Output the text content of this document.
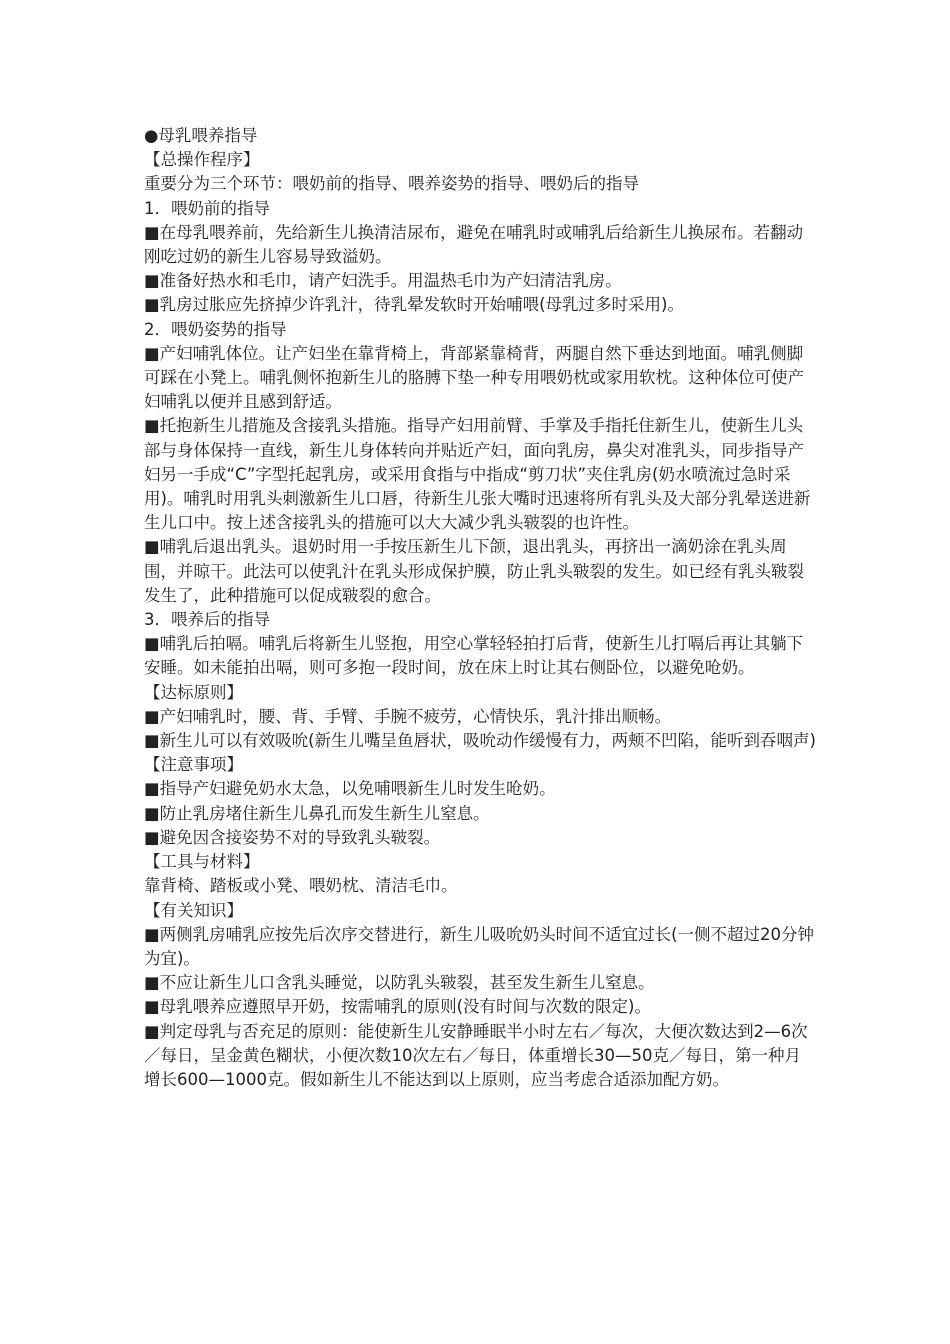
●母乳喂养指导

【总操作程序】

重要分为三个环节：喂奶前的指导、喂养姿势的指导、喂奶后的指导

1．喂奶前的指导

■在母乳喂养前，先给新生儿换清洁尿布，避免在哺乳时或哺乳后给新生儿换尿布。若翻动刚吃过奶的新生儿容易导致溢奶。

■准备好热水和毛巾，请产妇洗手。用温热毛巾为产妇清洁乳房。

■乳房过胀应先挤掉少许乳汁，待乳晕发软时开始哺喂(母乳过多时采用)。

2．喂奶姿势的指导

■产妇哺乳体位。让产妇坐在靠背椅上，背部紧靠椅背，两腿自然下垂达到地面。哺乳侧脚可踩在小凳上。哺乳侧怀抱新生儿的胳膊下垫一种专用喂奶枕或家用软枕。这种体位可使产妇哺乳以便并且感到舒适。

■托抱新生儿措施及含接乳头措施。指导产妇用前臂、手掌及手指托住新生儿，使新生儿头部与身体保持一直线，新生儿身体转向并贴近产妇，面向乳房，鼻尖对准乳头，同步指导产妇另一手成“C”字型托起乳房，或采用食指与中指成“剪刀状”夹住乳房(奶水喷流过急时采用)。哺乳时用乳头刺激新生儿口唇，待新生儿张大嘴时迅速将所有乳头及大部分乳晕送进新生儿口中。按上述含接乳头的措施可以大大减少乳头皲裂的也许性。

■哺乳后退出乳头。退奶时用一手按压新生儿下颌，退出乳头，再挤出一滴奶涂在乳头周围，并晾干。此法可以使乳汁在乳头形成保护膜，防止乳头皲裂的发生。如已经有乳头皲裂发生了，此种措施可以促成皲裂的愈合。

3．喂养后的指导

■哺乳后拍嗝。哺乳后将新生儿竖抱，用空心掌轻轻拍打后背，使新生儿打嗝后再让其躺下安睡。如未能拍出嗝，则可多抱一段时间，放在床上时让其右侧卧位，以避免呛奶。

【达标原则】

■产妇哺乳时，腰、背、手臂、手腕不疲劳，心情快乐，乳汁排出顺畅。

■新生儿可以有效吸吮(新生儿嘴呈鱼唇状，吸吮动作缓慢有力，两颊不凹陷，能听到吞咽声)

【注意事项】

■指导产妇避免奶水太急，以免哺喂新生儿时发生呛奶。

■防止乳房堵住新生儿鼻孔而发生新生儿窒息。

■避免因含接姿势不对的导致乳头皲裂。

【工具与材料】

靠背椅、踏板或小凳、喂奶枕、清洁毛巾。

【有关知识】

■两侧乳房哺乳应按先后次序交替进行，新生儿吸吮奶头时间不适宜过长(一侧不超过20分钟为宜)。

■不应让新生儿口含乳头睡觉，以防乳头皲裂，甚至发生新生儿窒息。

■母乳喂养应遵照早开奶，按需哺乳的原则(没有时间与次数的限定)。

■判定母乳与否充足的原则：能使新生儿安静睡眠半小时左右／每次，大便次数达到2—6次／每日，呈金黄色糊状，小便次数10次左右／每日，体重增长30—50克／每日，第一种月增长600—1000克。假如新生儿不能达到以上原则，应当考虑合适添加配方奶。
